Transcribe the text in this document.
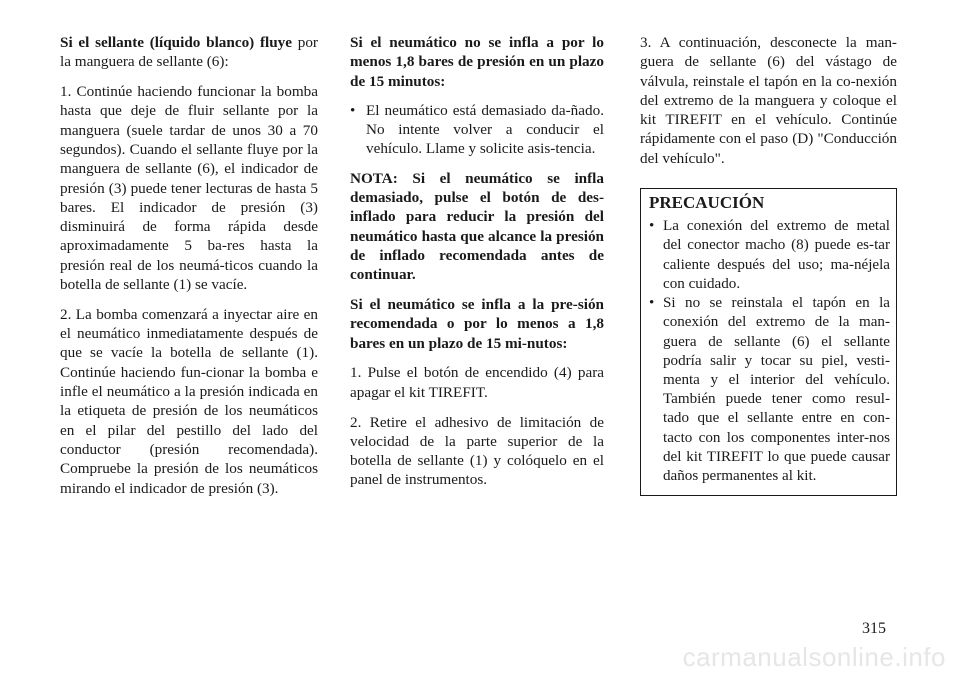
Si el sellante (líquido blanco) fluye por la manguera de sellante (6):

1. Continúe haciendo funcionar la bomba hasta que deje de fluir sellante por la manguera (suele tardar de unos 30 a 70 segundos). Cuando el sellante fluye por la manguera de sellante (6), el indicador de presión (3) puede tener lecturas de hasta 5 bares. El indicador de presión (3) disminuirá de forma rápida desde aproximadamente 5 ba-res hasta la presión real de los neumá-ticos cuando la botella de sellante (1) se vacíe.

2. La bomba comenzará a inyectar aire en el neumático inmediatamente después de que se vacíe la botella de sellante (1). Continúe haciendo fun-cionar la bomba e infle el neumático a la presión indicada en la etiqueta de presión de los neumáticos en el pilar del pestillo del lado del conductor (presión recomendada). Compruebe la presión de los neumáticos mirando el indicador de presión (3).

Si el neumático no se infla a por lo menos 1,8 bares de presión en un plazo de 15 minutos:

• El neumático está demasiado da-ñado. No intente volver a conducir el vehículo. Llame y solicite asis-tencia.

NOTA: Si el neumático se infla demasiado, pulse el botón de des-inflado para reducir la presión del neumático hasta que alcance la presión de inflado recomendada antes de continuar.

Si el neumático se infla a la pre-sión recomendada o por lo menos a 1,8 bares en un plazo de 15 mi-nutos:

1. Pulse el botón de encendido (4) para apagar el kit TIREFIT.

2. Retire el adhesivo de limitación de velocidad de la parte superior de la botella de sellante (1) y colóquelo en el panel de instrumentos.

3. A continuación, desconecte la man-guera de sellante (6) del vástago de válvula, reinstale el tapón en la co-nexión del extremo de la manguera y coloque el kit TIREFIT en el vehículo. Continúe rápidamente con el paso (D) "Conducción del vehículo".

PRECAUCIÓN
• La conexión del extremo de metal del conector macho (8) puede es-tar caliente después del uso; ma-néjela con cuidado.
• Si no se reinstala el tapón en la conexión del extremo de la man-guera de sellante (6) el sellante podría salir y tocar su piel, vesti-menta y el interior del vehículo. También puede tener como resul-tado que el sellante entre en con-tacto con los componentes inter-nos del kit TIREFIT lo que puede causar daños permanentes al kit.
315
carmanualsonline.info
